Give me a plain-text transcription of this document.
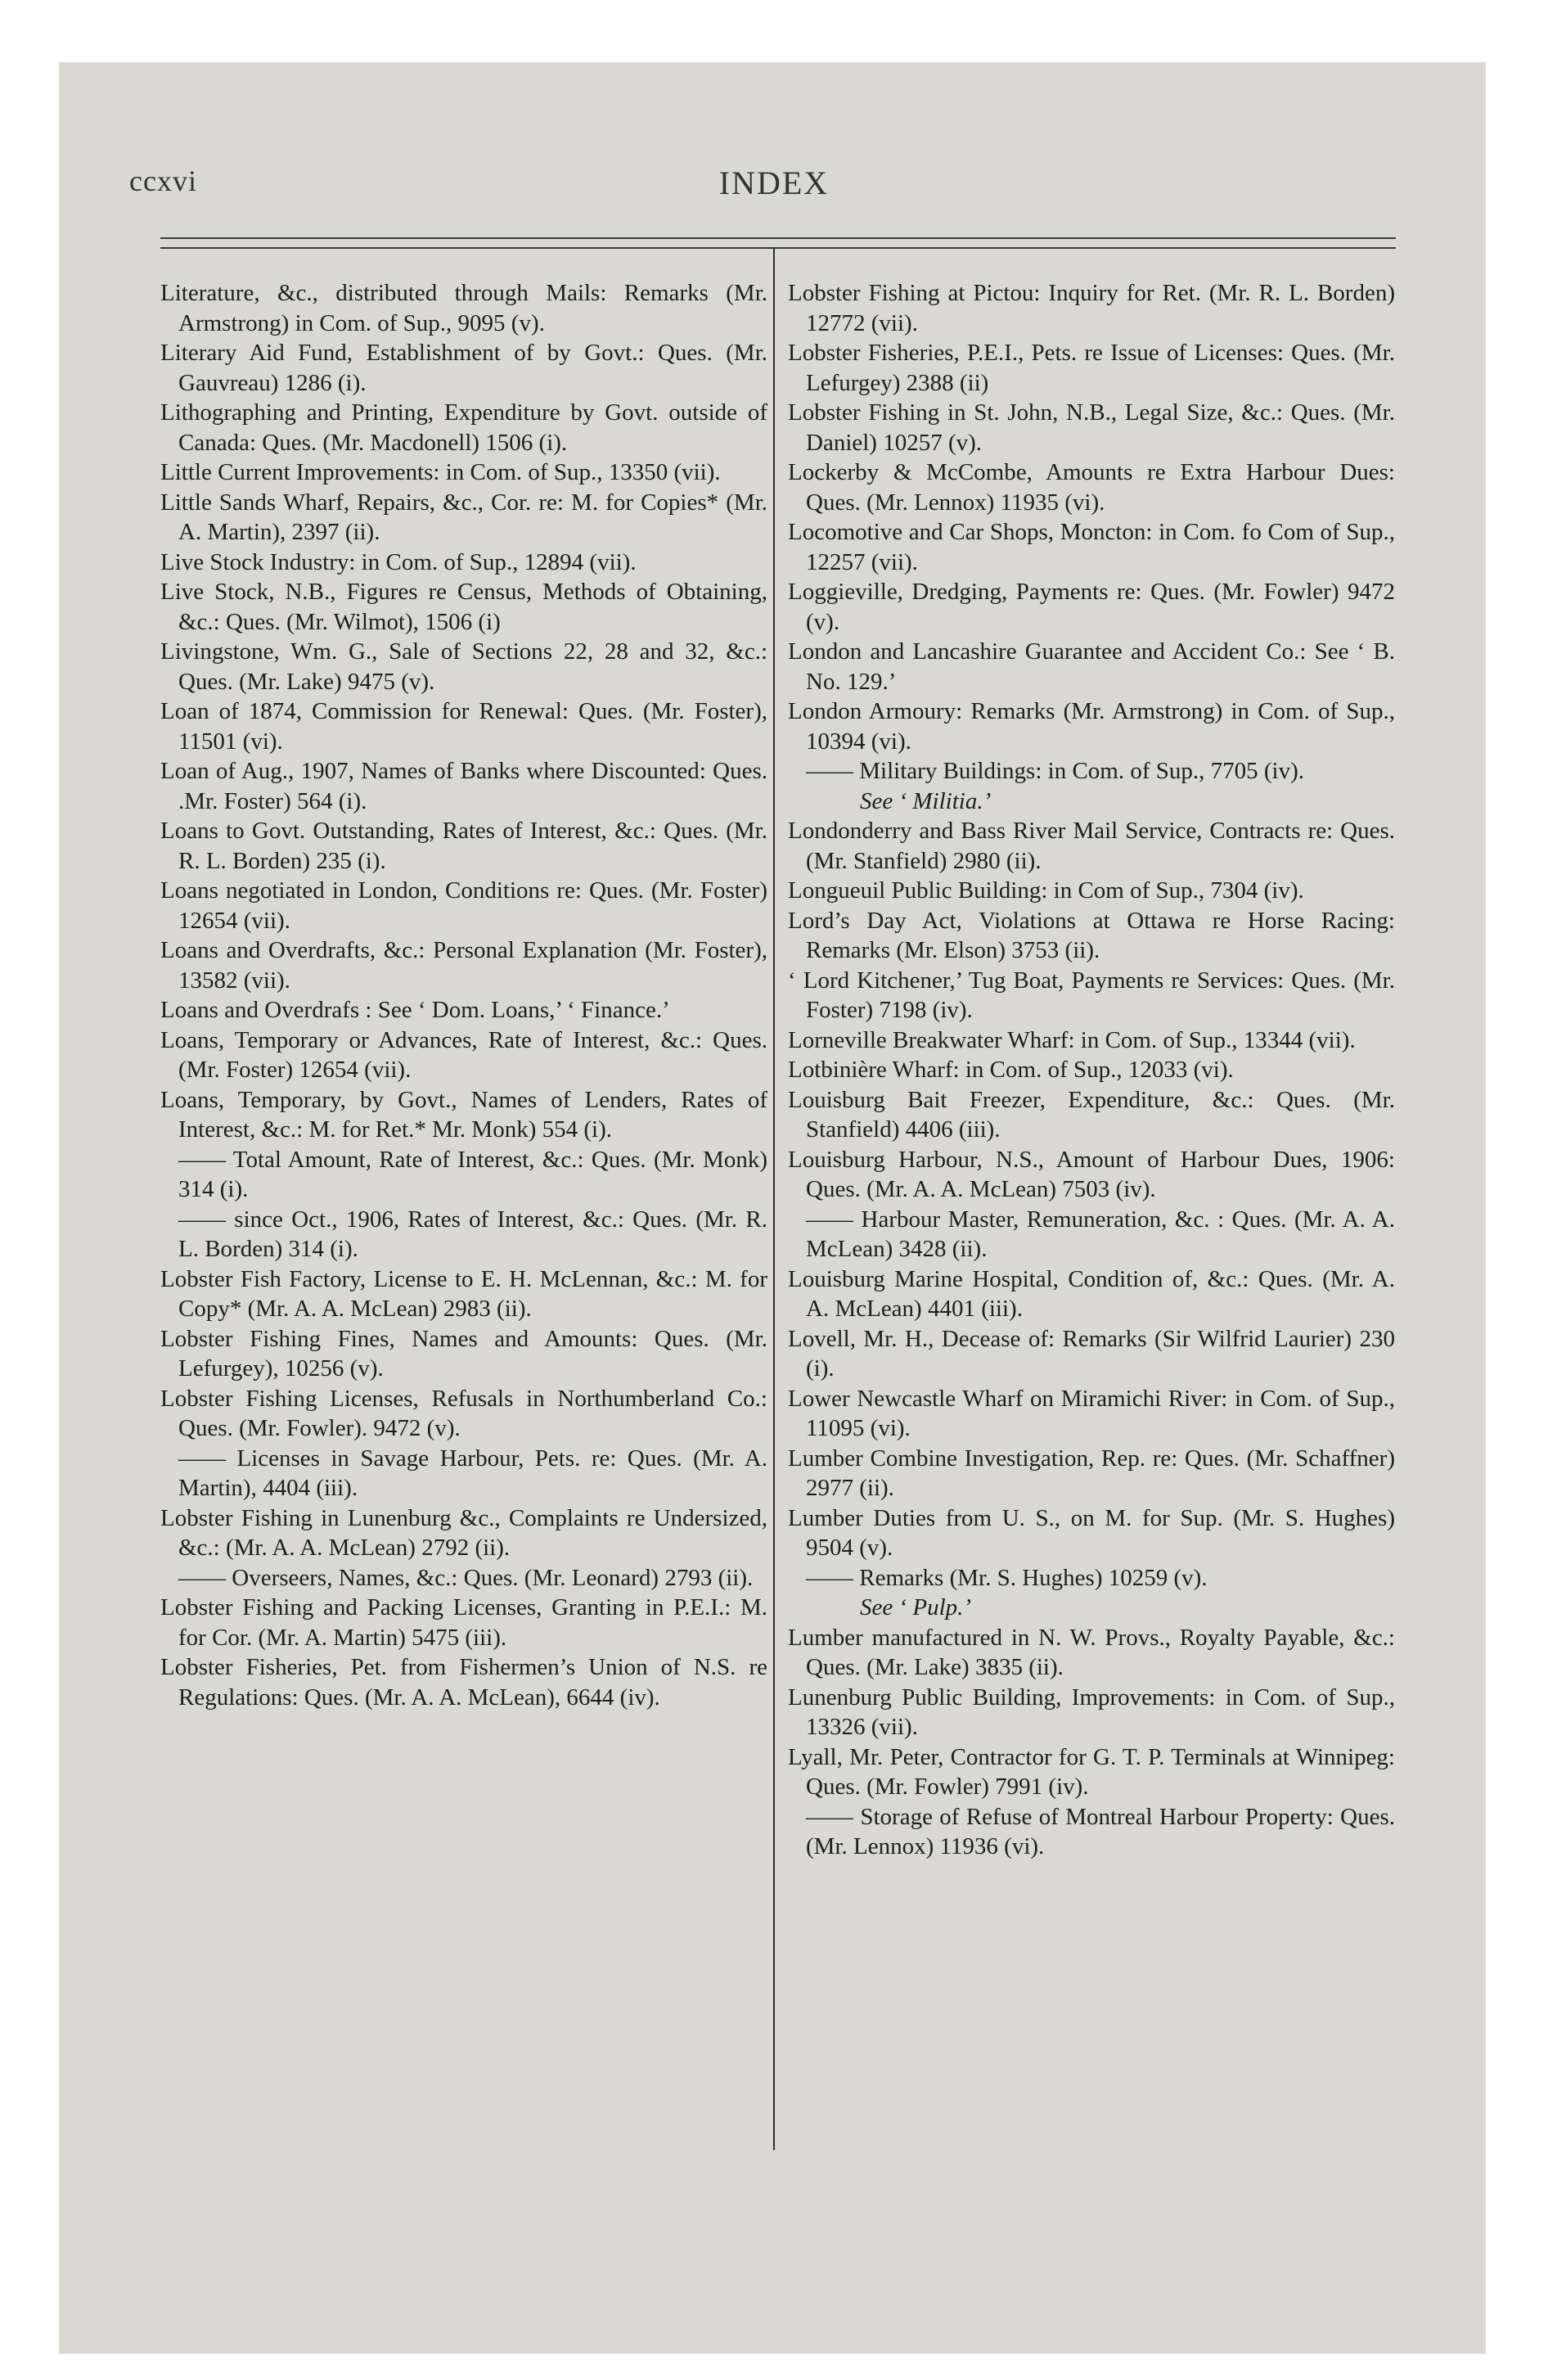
ccxvi	INDEX

Literature, &c., distributed through Mails: Remarks (Mr. Armstrong) in Com. of Sup., 9095 (v).

Literary Aid Fund, Establishment of by Govt.: Ques. (Mr. Gauvreau) 1286 (i).

Lithographing and Printing, Expenditure by Govt. outside of Canada: Ques. (Mr. Macdonell) 1506 (i).

Little Current Improvements: in Com. of Sup., 13350 (vii).

Little Sands Wharf, Repairs, &c., Cor. re: M. for Copies* (Mr. A. Martin), 2397 (ii).

Live Stock Industry: in Com. of Sup., 12894 (vii).

Live Stock, N.B., Figures re Census, Methods of Obtaining, &c.: Ques. (Mr. Wilmot), 1506 (i)

Livingstone, Wm. G., Sale of Sections 22, 28 and 32, &c.: Ques. (Mr. Lake) 9475 (v).

Loan of 1874, Commission for Renewal: Ques. (Mr. Foster), 11501 (vi).

Loan of Aug., 1907, Names of Banks where Discounted: Ques. .Mr. Foster) 564 (i).

Loans to Govt. Outstanding, Rates of Interest, &c.: Ques. (Mr. R. L. Borden) 235 (i).

Loans negotiated in London, Conditions re: Ques. (Mr. Foster) 12654 (vii).

Loans and Overdrafts, &c.: Personal Explanation (Mr. Foster), 13582 (vii).

Loans and Overdrafs : See ‘ Dom. Loans,’ ‘ Finance.’

Loans, Temporary or Advances, Rate of Interest, &c.: Ques. (Mr. Foster) 12654 (vii).

Loans, Temporary, by Govt., Names of Lenders, Rates of Interest, &c.: M. for Ret.* Mr. Monk) 554 (i).

—— Total Amount, Rate of Interest, &c.: Ques. (Mr. Monk) 314 (i).

—— since Oct., 1906, Rates of Interest, &c.: Ques. (Mr. R. L. Borden) 314 (i).

Lobster Fish Factory, License to E. H. McLennan, &c.: M. for Copy* (Mr. A. A. McLean) 2983 (ii).

Lobster Fishing Fines, Names and Amounts: Ques. (Mr. Lefurgey), 10256 (v).

Lobster Fishing Licenses, Refusals in Northumberland Co.: Ques. (Mr. Fowler). 9472 (v).

—— Licenses in Savage Harbour, Pets. re: Ques. (Mr. A. Martin), 4404 (iii).

Lobster Fishing in Lunenburg &c., Complaints re Undersized, &c.: (Mr. A. A. McLean) 2792 (ii).

—— Overseers, Names, &c.: Ques. (Mr. Leonard) 2793 (ii).

Lobster Fishing and Packing Licenses, Granting in P.E.I.: M. for Cor. (Mr. A. Martin) 5475 (iii).

Lobster Fisheries, Pet. from Fishermen’s Union of N.S. re Regulations: Ques. (Mr. A. A. McLean), 6644 (iv).

Lobster Fishing at Pictou: Inquiry for Ret. (Mr. R. L. Borden) 12772 (vii).

Lobster Fisheries, P.E.I., Pets. re Issue of Licenses: Ques. (Mr. Lefurgey) 2388 (ii)

Lobster Fishing in St. John, N.B., Legal Size, &c.: Ques. (Mr. Daniel) 10257 (v).

Lockerby & McCombe, Amounts re Extra Harbour Dues: Ques. (Mr. Lennox) 11935 (vi).

Locomotive and Car Shops, Moncton: in Com. fo Com of Sup., 12257 (vii).

Loggieville, Dredging, Payments re: Ques. (Mr. Fowler) 9472 (v).

London and Lancashire Guarantee and Accident Co.: See ‘ B. No. 129.’

London Armoury: Remarks (Mr. Armstrong) in Com. of Sup., 10394 (vi).

—— Military Buildings: in Com. of Sup., 7705 (iv).

See ‘ Militia.’

Londonderry and Bass River Mail Service, Contracts re: Ques. (Mr. Stanfield) 2980 (ii).

Longueuil Public Building: in Com of Sup., 7304 (iv).

Lord’s Day Act, Violations at Ottawa re Horse Racing: Remarks (Mr. Elson) 3753 (ii).

‘ Lord Kitchener,’ Tug Boat, Payments re Services: Ques. (Mr. Foster) 7198 (iv).

Lorneville Breakwater Wharf: in Com. of Sup., 13344 (vii).

Lotbinière Wharf: in Com. of Sup., 12033 (vi).

Louisburg Bait Freezer, Expenditure, &c.: Ques. (Mr. Stanfield) 4406 (iii).

Louisburg Harbour, N.S., Amount of Harbour Dues, 1906: Ques. (Mr. A. A. McLean) 7503 (iv).

—— Harbour Master, Remuneration, &c. : Ques. (Mr. A. A. McLean) 3428 (ii).

Louisburg Marine Hospital, Condition of, &c.: Ques. (Mr. A. A. McLean) 4401 (iii).

Lovell, Mr. H., Decease of: Remarks (Sir Wilfrid Laurier) 230 (i).

Lower Newcastle Wharf on Miramichi River: in Com. of Sup., 11095 (vi).

Lumber Combine Investigation, Rep. re: Ques. (Mr. Schaffner) 2977 (ii).

Lumber Duties from U. S., on M. for Sup. (Mr. S. Hughes) 9504 (v).

—— Remarks (Mr. S. Hughes) 10259 (v).

See ‘ Pulp.’

Lumber manufactured in N. W. Provs., Royalty Payable, &c.: Ques. (Mr. Lake) 3835 (ii).

Lunenburg Public Building, Improvements: in Com. of Sup., 13326 (vii).

Lyall, Mr. Peter, Contractor for G. T. P. Terminals at Winnipeg: Ques. (Mr. Fowler) 7991 (iv).

—— Storage of Refuse of Montreal Harbour Property: Ques. (Mr. Lennox) 11936 (vi).
